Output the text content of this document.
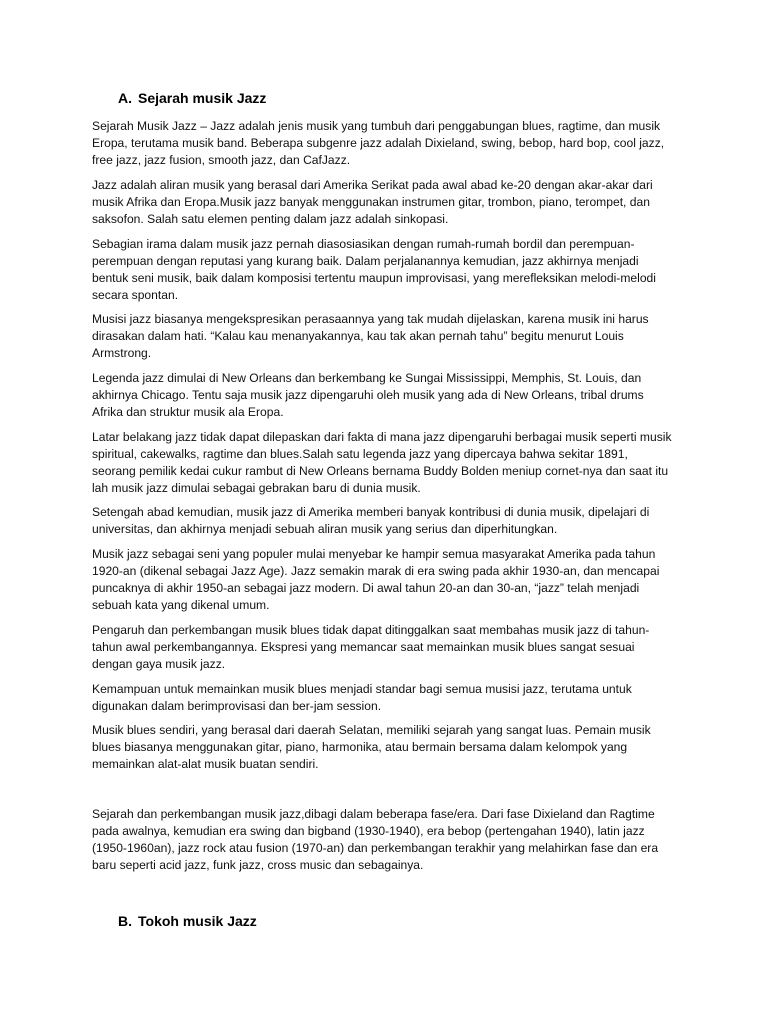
A. Sejarah musik Jazz

Sejarah Musik Jazz – Jazz adalah jenis musik yang tumbuh dari penggabungan blues, ragtime, dan musik Eropa, terutama musik band. Beberapa subgenre jazz adalah Dixieland, swing, bebop, hard bop, cool jazz, free jazz, jazz fusion, smooth jazz, dan CafJazz.

Jazz adalah aliran musik yang berasal dari Amerika Serikat pada awal abad ke-20 dengan akar-akar dari musik Afrika dan Eropa.Musik jazz banyak menggunakan instrumen gitar, trombon, piano, terompet, dan saksofon. Salah satu elemen penting dalam jazz adalah sinkopasi.

Sebagian irama dalam musik jazz pernah diasosiasikan dengan rumah-rumah bordil dan perempuan-perempuan dengan reputasi yang kurang baik. Dalam perjalanannya kemudian, jazz akhirnya menjadi bentuk seni musik, baik dalam komposisi tertentu maupun improvisasi, yang merefleksikan melodi-melodi secara spontan.

Musisi jazz biasanya mengekspresikan perasaannya yang tak mudah dijelaskan, karena musik ini harus dirasakan dalam hati. “Kalau kau menanyakannya, kau tak akan pernah tahu” begitu menurut Louis Armstrong.

Legenda jazz dimulai di New Orleans dan berkembang ke Sungai Mississippi, Memphis, St. Louis, dan akhirnya Chicago. Tentu saja musik jazz dipengaruhi oleh musik yang ada di New Orleans, tribal drums Afrika dan struktur musik ala Eropa.

Latar belakang jazz tidak dapat dilepaskan dari fakta di mana jazz dipengaruhi berbagai musik seperti musik spiritual, cakewalks, ragtime dan blues.Salah satu legenda jazz yang dipercaya bahwa sekitar 1891, seorang pemilik kedai cukur rambut di New Orleans bernama Buddy Bolden meniup cornet-nya dan saat itu lah musik jazz dimulai sebagai gebrakan baru di dunia musik.

Setengah abad kemudian, musik jazz di Amerika memberi banyak kontribusi di dunia musik, dipelajari di universitas, dan akhirnya menjadi sebuah aliran musik yang serius dan diperhitungkan.

Musik jazz sebagai seni yang populer mulai menyebar ke hampir semua masyarakat Amerika pada tahun 1920-an (dikenal sebagai Jazz Age). Jazz semakin marak di era swing pada akhir 1930-an, dan mencapai puncaknya di akhir 1950-an sebagai jazz modern. Di awal tahun 20-an dan 30-an, “jazz” telah menjadi sebuah kata yang dikenal umum.

Pengaruh dan perkembangan musik blues tidak dapat ditinggalkan saat membahas musik jazz di tahun-tahun awal perkembangannya. Ekspresi yang memancar saat memainkan musik blues sangat sesuai dengan gaya musik jazz.

Kemampuan untuk memainkan musik blues menjadi standar bagi semua musisi jazz, terutama untuk digunakan dalam berimprovisasi dan ber-jam session.

Musik blues sendiri, yang berasal dari daerah Selatan, memiliki sejarah yang sangat luas. Pemain musik blues biasanya menggunakan gitar, piano, harmonika, atau bermain bersama dalam kelompok yang memainkan alat-alat musik buatan sendiri.

Sejarah dan perkembangan musik jazz,dibagi dalam beberapa fase/era. Dari fase Dixieland dan Ragtime pada awalnya, kemudian era swing dan bigband (1930-1940), era bebop (pertengahan 1940), latin jazz (1950-1960an), jazz rock atau fusion (1970-an) dan perkembangan terakhir yang melahirkan fase dan era baru seperti acid jazz, funk jazz, cross music dan sebagainya.

B. Tokoh musik Jazz
